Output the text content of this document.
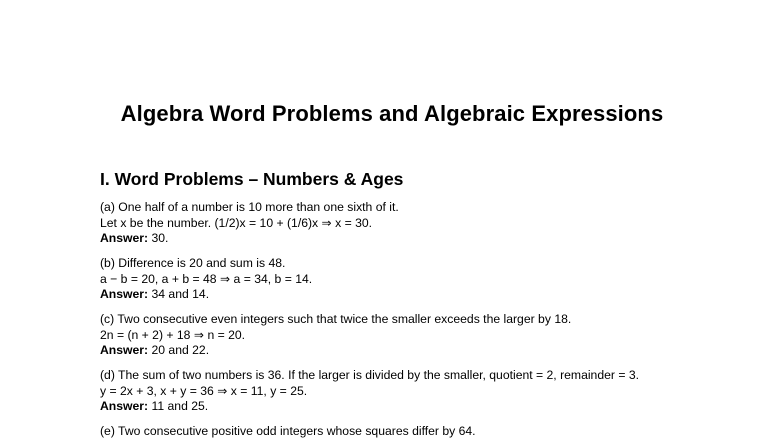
Algebra Word Problems and Algebraic Expressions
I. Word Problems – Numbers & Ages
(a) One half of a number is 10 more than one sixth of it.
Let x be the number. (1/2)x = 10 + (1/6)x ⇒ x = 30.
Answer: 30.
(b) Difference is 20 and sum is 48.
a − b = 20, a + b = 48 ⇒ a = 34, b = 14.
Answer: 34 and 14.
(c) Two consecutive even integers such that twice the smaller exceeds the larger by 18.
2n = (n + 2) + 18 ⇒ n = 20.
Answer: 20 and 22.
(d) The sum of two numbers is 36. If the larger is divided by the smaller, quotient = 2, remainder = 3.
y = 2x + 3, x + y = 36 ⇒ x = 11, y = 25.
Answer: 11 and 25.
(e) Two consecutive positive odd integers whose squares differ by 64.
